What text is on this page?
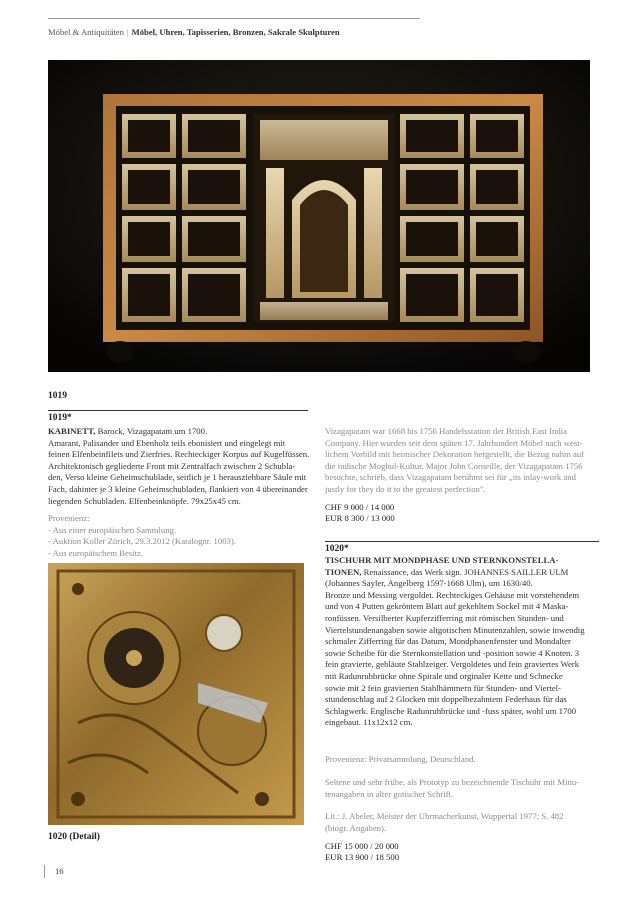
Möbel & Antiquitäten | Möbel, Uhren, Tapisserien, Bronzen, Sakrale Skulpturen
1019
1019*
KABINETT, Barock, Vizagapatam um 1700.
Amarant, Palisander und Ebenholz teils ebonisiert und eingelegt mit
feinen Elfenbeinfilets und Zierfries. Rechteckiger Korpus auf Kugelfüssen.
Architektonisch gegliederte Front mit Zentralfach zwischen 2 Schubla-
den, Verso kleine Geheimschublade, seitlich je 1 herausziehbare Säule mit
Fach, dahinter je 3 kleine Geheimschubladen, flankiert von 4 übereinander
liegenden Schubladen. Elfenbeinknöpfe. 79x25x45 cm.
Provenienz:
- Aus einer europäischen Sammlung.
- Auktion Koller Zürich, 29.3.2012 (Katalognr. 1003).
- Aus europäischem Besitz.
Vizagapatam war 1668 bis 1756 Handelsstation der British East India
Company. Hier wurden seit dem späten 17. Jahrhundert Möbel nach west-
lichem Vorbild mit heimischer Dekoration hergestellt, die Bezug nahm auf
die indische Moghul-Kultur. Major John Corneille, der Vizagapatam 1756
besuchte, schrieb, dass Vizagapatam berühmt sei für „its inlay-work and
justly for they do it to the greatest perfection".
CHF 9 000 / 14 000
EUR 8 300 / 13 000
1020 (Detail)
1020*
TISCHUHR MIT MONDPHASE UND STERNKONSTELLA-
TIONEN, Renaissance, das Werk sign. JOHANNES SAILLER ULM
(Johannes Sayler, Angelberg 1597-1668 Ulm), um 1630/40.
Bronze und Messing vergoldet. Rechteckiges Gehäuse mit vorstehendem
und von 4 Putten gekröntem Blatt auf gekehltem Sockel mit 4 Maska-
ronfüssen. Versilberter Kupferzifferring mit römischen Stunden- und
Viertelstundenangaben sowie altgotischen Minutenzahlen, sowie inwendig
schmaler Zifferring für das Datum, Mondphasenfenster und Mondalter
sowie Scheibe für die Sternkonstellation und -position sowie 4 Knoten. 3
fein gravierte, gebläute Stahlzeiger. Vergoldetes und fein graviertes Werk
mit Radunruhbrücke ohne Spirale und orginaler Kette und Schnecke
sowie mit 2 fein gravierten Stahlhämmern für Stunden- und Viertel-
stundenschlag auf 2 Glocken mit doppelbezahntem Federhaus für das
Schlagwerk. Englische Radunruhbrücke und -fuss später, wohl um 1700
eingebaut. 11x12x12 cm.
Provenienz: Privatsammlung, Deutschland.
Seltene und sehr frühe, als Prototyp zu bezeichnende Tischuhr mit Minu-
tenangaben in alter gotischer Schrift.
Lit.: J. Abeler, Meister der Uhrmacherkunst, Wuppertal 1977; S. 482
(biogr. Angaben).
CHF 15 000 / 20 000
EUR 13 900 / 18 500
16
